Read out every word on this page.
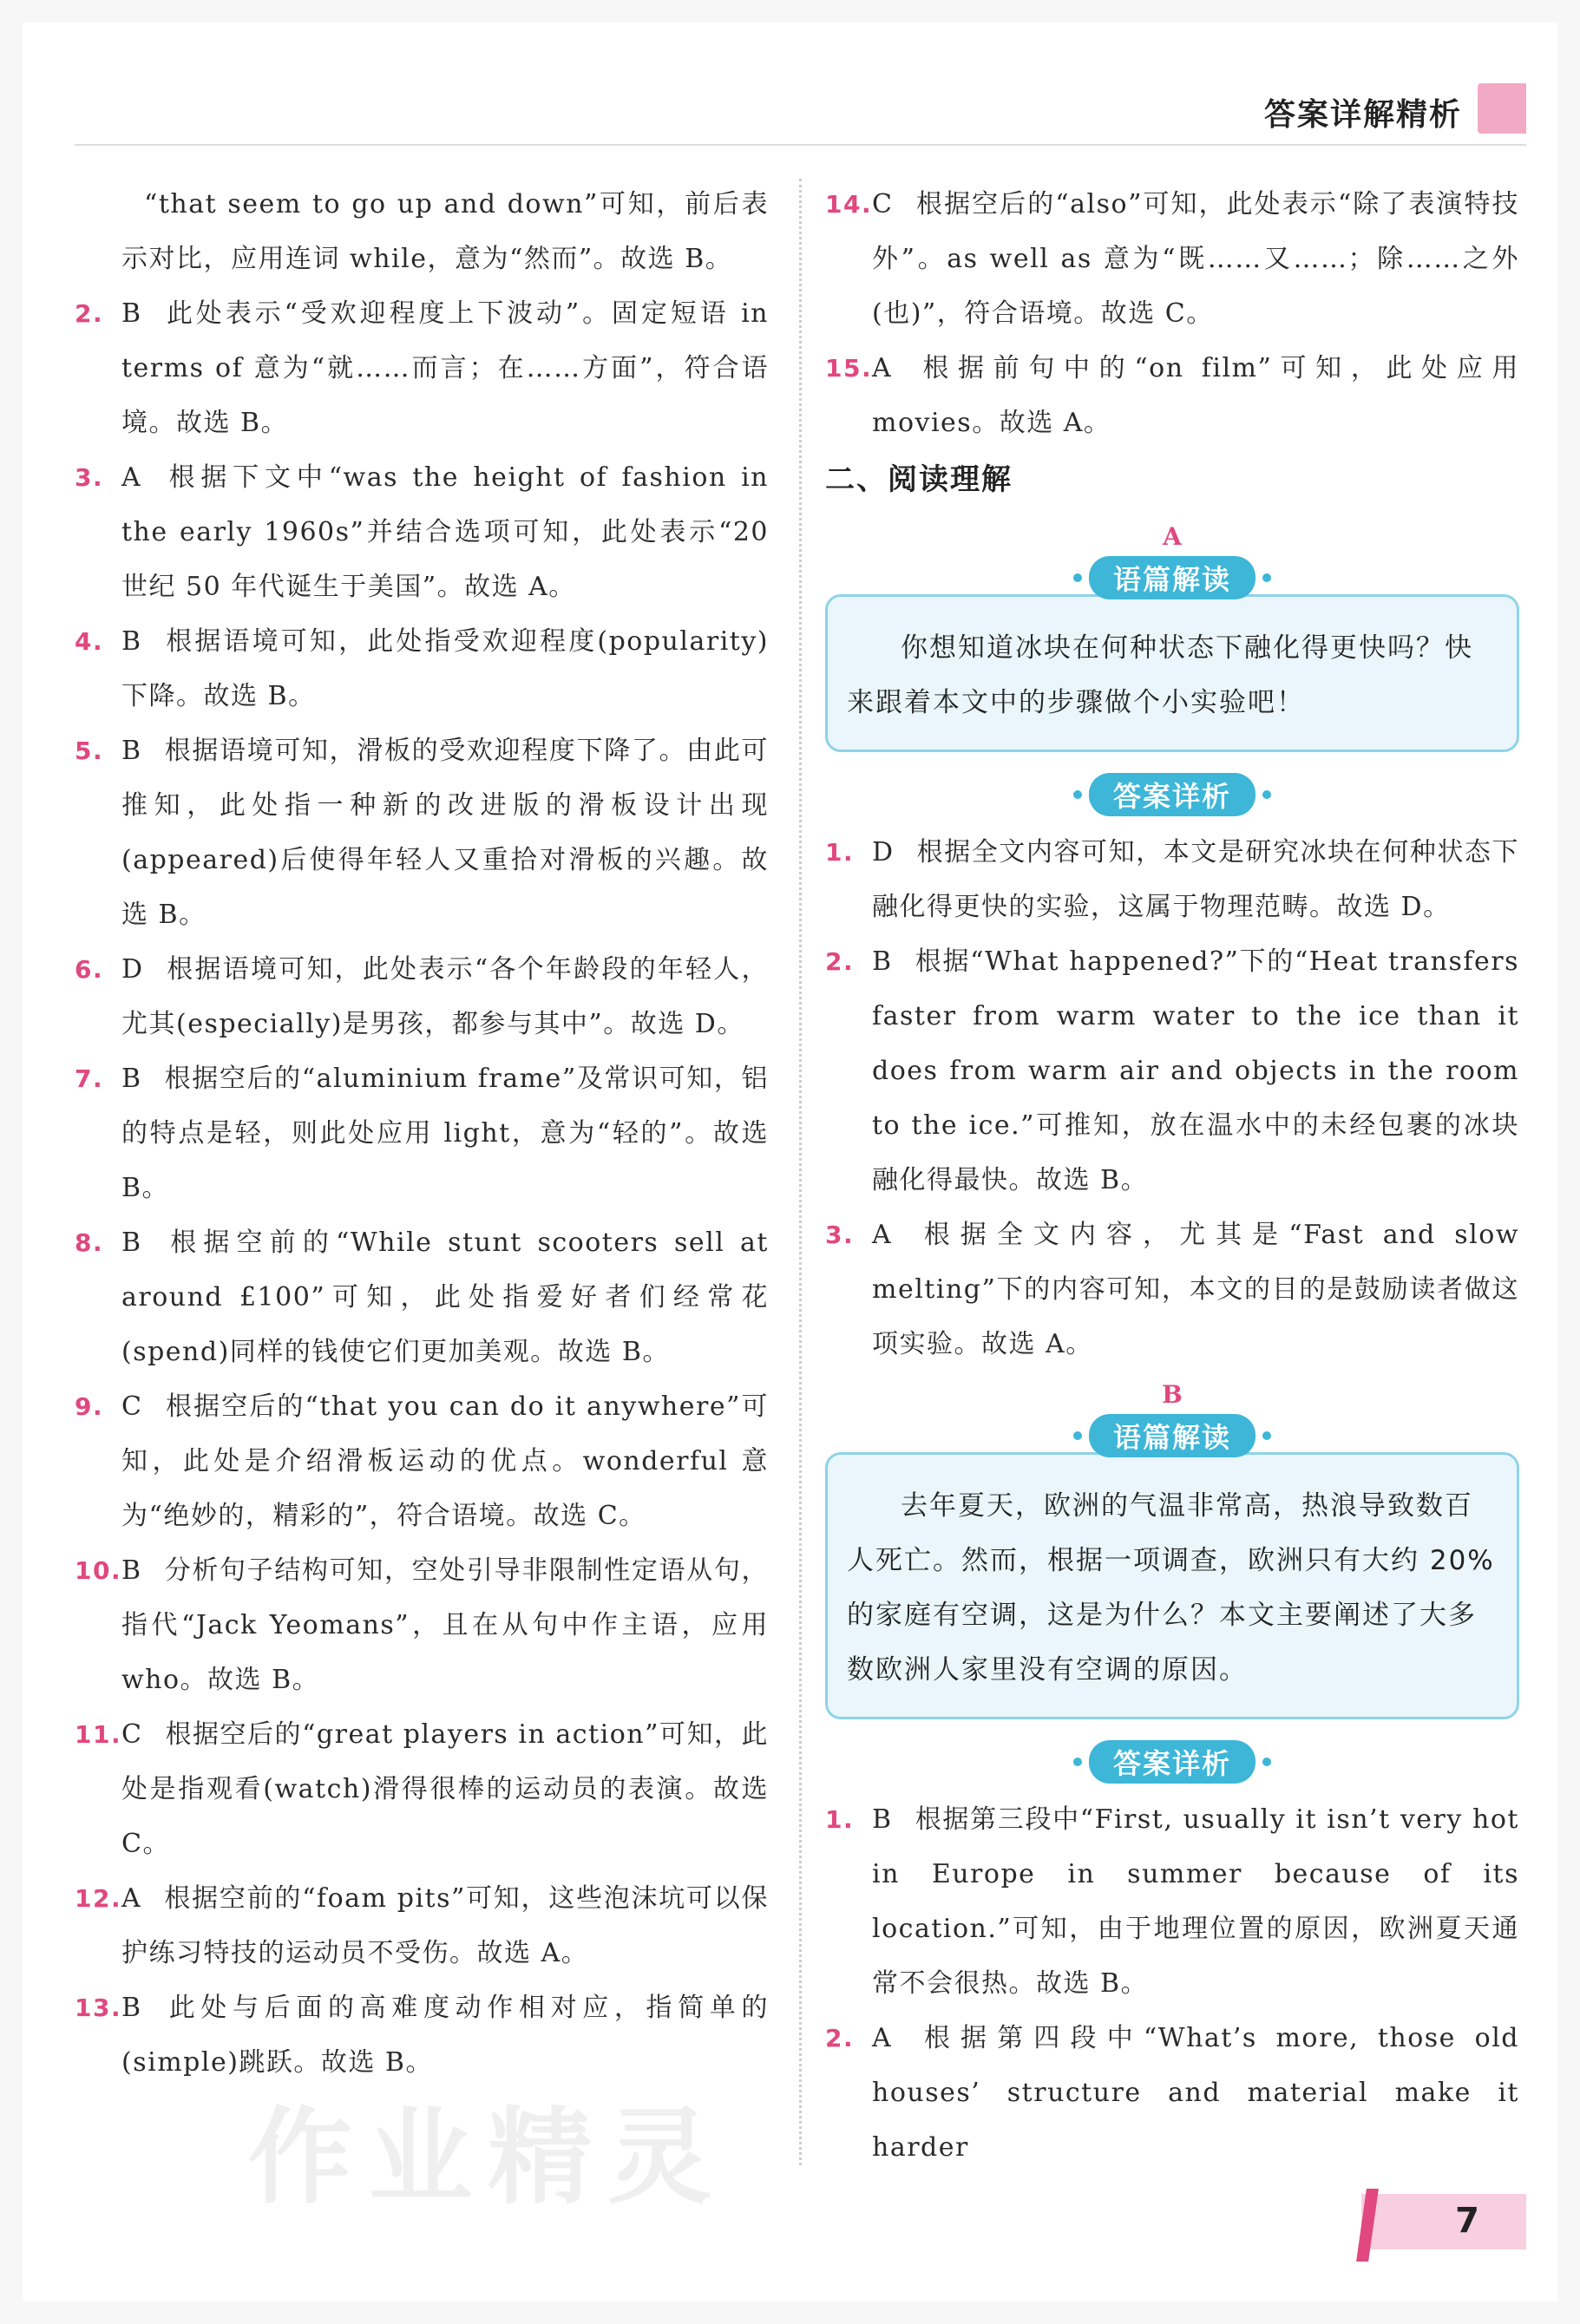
答案详解精析
“that seem to go up and down”可知，前后表示对比，应用连词 while，意为“然而”。故选 B。
2. B 此处表示“受欢迎程度上下波动”。固定短语 in terms of 意为“就……而言；在……方面”，符合语境。故选 B。
3. A 根据下文中“was the height of fashion in the early 1960s”并结合选项可知，此处表示“20 世纪 50 年代诞生于美国”。故选 A。
4. B 根据语境可知，此处指受欢迎程度(popularity)下降。故选 B。
5. B 根据语境可知，滑板的受欢迎程度下降了。由此可推知，此处指一种新的改进版的滑板设计出现(appeared)后使得年轻人又重拾对滑板的兴趣。故选 B。
6. D 根据语境可知，此处表示“各个年龄段的年轻人，尤其(especially)是男孩，都参与其中”。故选 D。
7. B 根据空后的“aluminium frame”及常识可知，铝的特点是轻，则此处应用 light，意为“轻的”。故选 B。
8. B 根据空前的“While stunt scooters sell at around £100”可知，此处指爱好者们经常花(spend)同样的钱使它们更加美观。故选 B。
9. C 根据空后的“that you can do it anywhere”可知，此处是介绍滑板运动的优点。wonderful 意为“绝妙的，精彩的”，符合语境。故选 C。
10. B 分析句子结构可知，空处引导非限制性定语从句，指代“Jack Yeomans”，且在从句中作主语，应用 who。故选 B。
11. C 根据空后的“great players in action”可知，此处是指观看(watch)滑得很棒的运动员的表演。故选 C。
12. A 根据空前的“foam pits”可知，这些泡沫坑可以保护练习特技的运动员不受伤。故选 A。
13. B 此处与后面的高难度动作相对应，指简单的(simple)跳跃。故选 B。
14. C 根据空后的“also”可知，此处表示“除了表演特技外”。as well as 意为“既……又……；除……之外(也)”，符合语境。故选 C。
15. A 根据前句中的“on film”可知，此处应用 movies。故选 A。
二、阅读理解
A
语篇解读
你想知道冰块在何种状态下融化得更快吗？快来跟着本文中的步骤做个小实验吧！
答案详析
1. D 根据全文内容可知，本文是研究冰块在何种状态下融化得更快的实验，这属于物理范畴。故选 D。
2. B 根据“What happened?”下的“Heat transfers faster from warm water to the ice than it does from warm air and objects in the room to the ice.”可推知，放在温水中的未经包裹的冰块融化得最快。故选 B。
3. A 根据全文内容，尤其是“Fast and slow melting”下的内容可知，本文的目的是鼓励读者做这项实验。故选 A。
B
语篇解读
去年夏天，欧洲的气温非常高，热浪导致数百人死亡。然而，根据一项调查，欧洲只有大约 20%的家庭有空调，这是为什么？本文主要阐述了大多数欧洲人家里没有空调的原因。
答案详析
1. B 根据第三段中“First, usually it isn’t very hot in Europe in summer because of its location.”可知，由于地理位置的原因，欧洲夏天通常不会很热。故选 B。
2. A 根据第四段中“What’s more, those old houses’ structure and material make it harder
作业精灵
7
